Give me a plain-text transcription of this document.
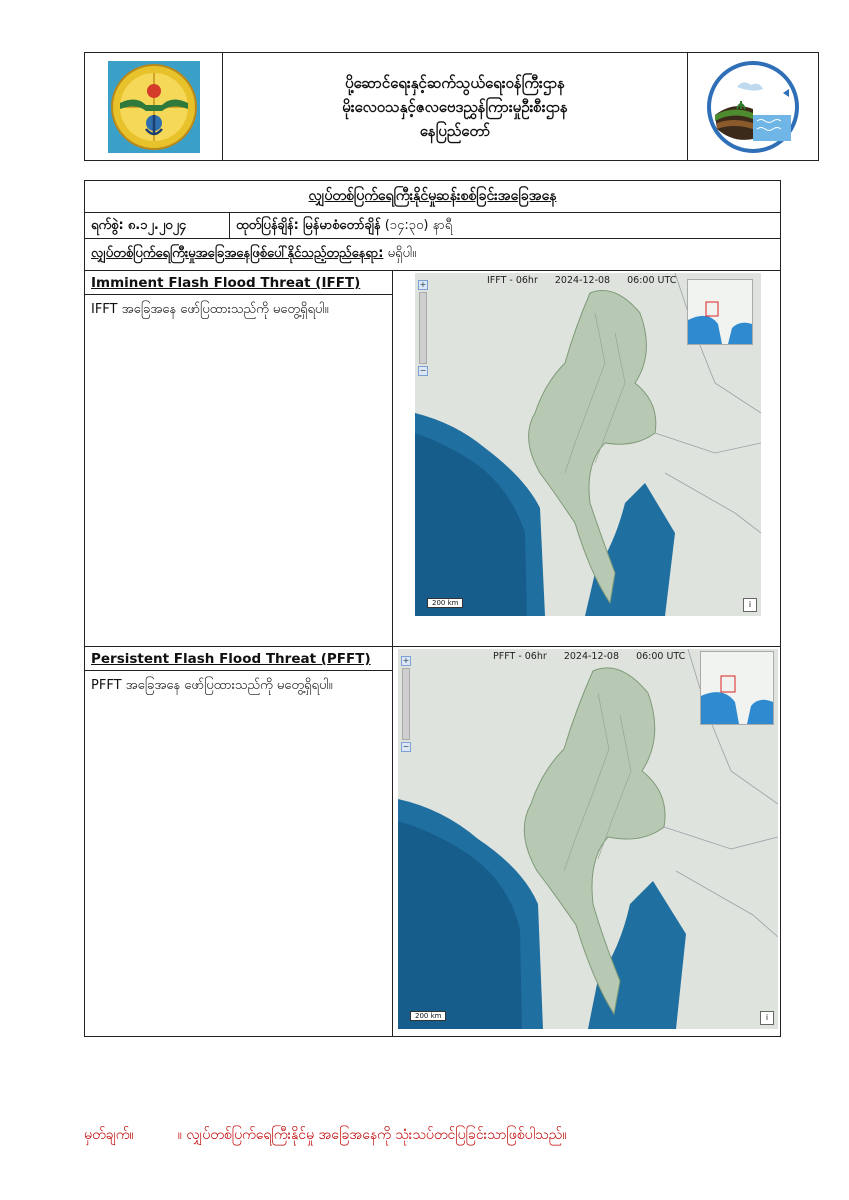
ပို့ဆောင်ရေးနှင့်ဆက်သွယ်ရေးဝန်ကြီးဌာန
မိုးလေဝသနှင့်ဇလဗေဒညွှန်ကြားမှုဦးစီးဌာန
နေပြည်တော်
လျှပ်တစ်ပြက်ရေကြီးနိုင်မှုဆန်းစစ်ခြင်းအခြေအနေ
ရက်စွဲ: ၈.၁၂.၂၀၂၄	ထုတ်ပြန်ချိန်: မြန်မာစံတော်ချိန် (၁၄:၃၀) နာရီ
လျှပ်တစ်ပြက်ရေကြီးမှုအခြေအနေဖြစ်ပေါ်နိုင်သည့်တည်နေရာ:
မရှိပါ။
Imminent Flash Flood Threat (IFFT)
IFFT အခြေအနေ ဖော်ပြထားသည်ကို မတွေ့ရှိရပါ။
IFFT - 06hr 2024-12-08 06:00 UTC
+
−
200 km	i
Persistent Flash Flood Threat (PFFT)
PFFT အခြေအနေ ဖော်ပြထားသည်ကို မတွေ့ရှိရပါ။
PFFT - 06hr 2024-12-08 06:00 UTC
+
−
200 km	i
မှတ်ချက်။	။ လျှပ်တစ်ပြက်ရေကြီးနိုင်မှု အခြေအနေကို သုံးသပ်တင်ပြခြင်းသာဖြစ်ပါသည်။
